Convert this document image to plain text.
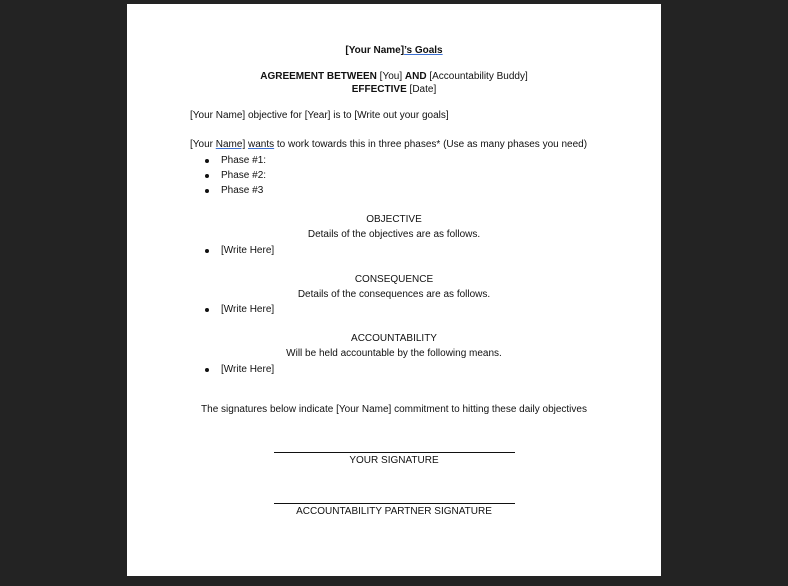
[Your Name]’s Goals
AGREEMENT BETWEEN [You] AND [Accountability Buddy]
EFFECTIVE [Date]
[Your Name] objective for [Year] is to [Write out your goals]
[Your Name] wants to work towards this in three phases* (Use as many phases you need)
Phase #1:
Phase #2:
Phase #3
OBJECTIVE
Details of the objectives are as follows.
[Write Here]
CONSEQUENCE
Details of the consequences are as follows.
[Write Here]
ACCOUNTABILITY
Will be held accountable by the following means.
[Write Here]
The signatures below indicate [Your Name] commitment to hitting these daily objectives
YOUR SIGNATURE
ACCOUNTABILITY PARTNER SIGNATURE
